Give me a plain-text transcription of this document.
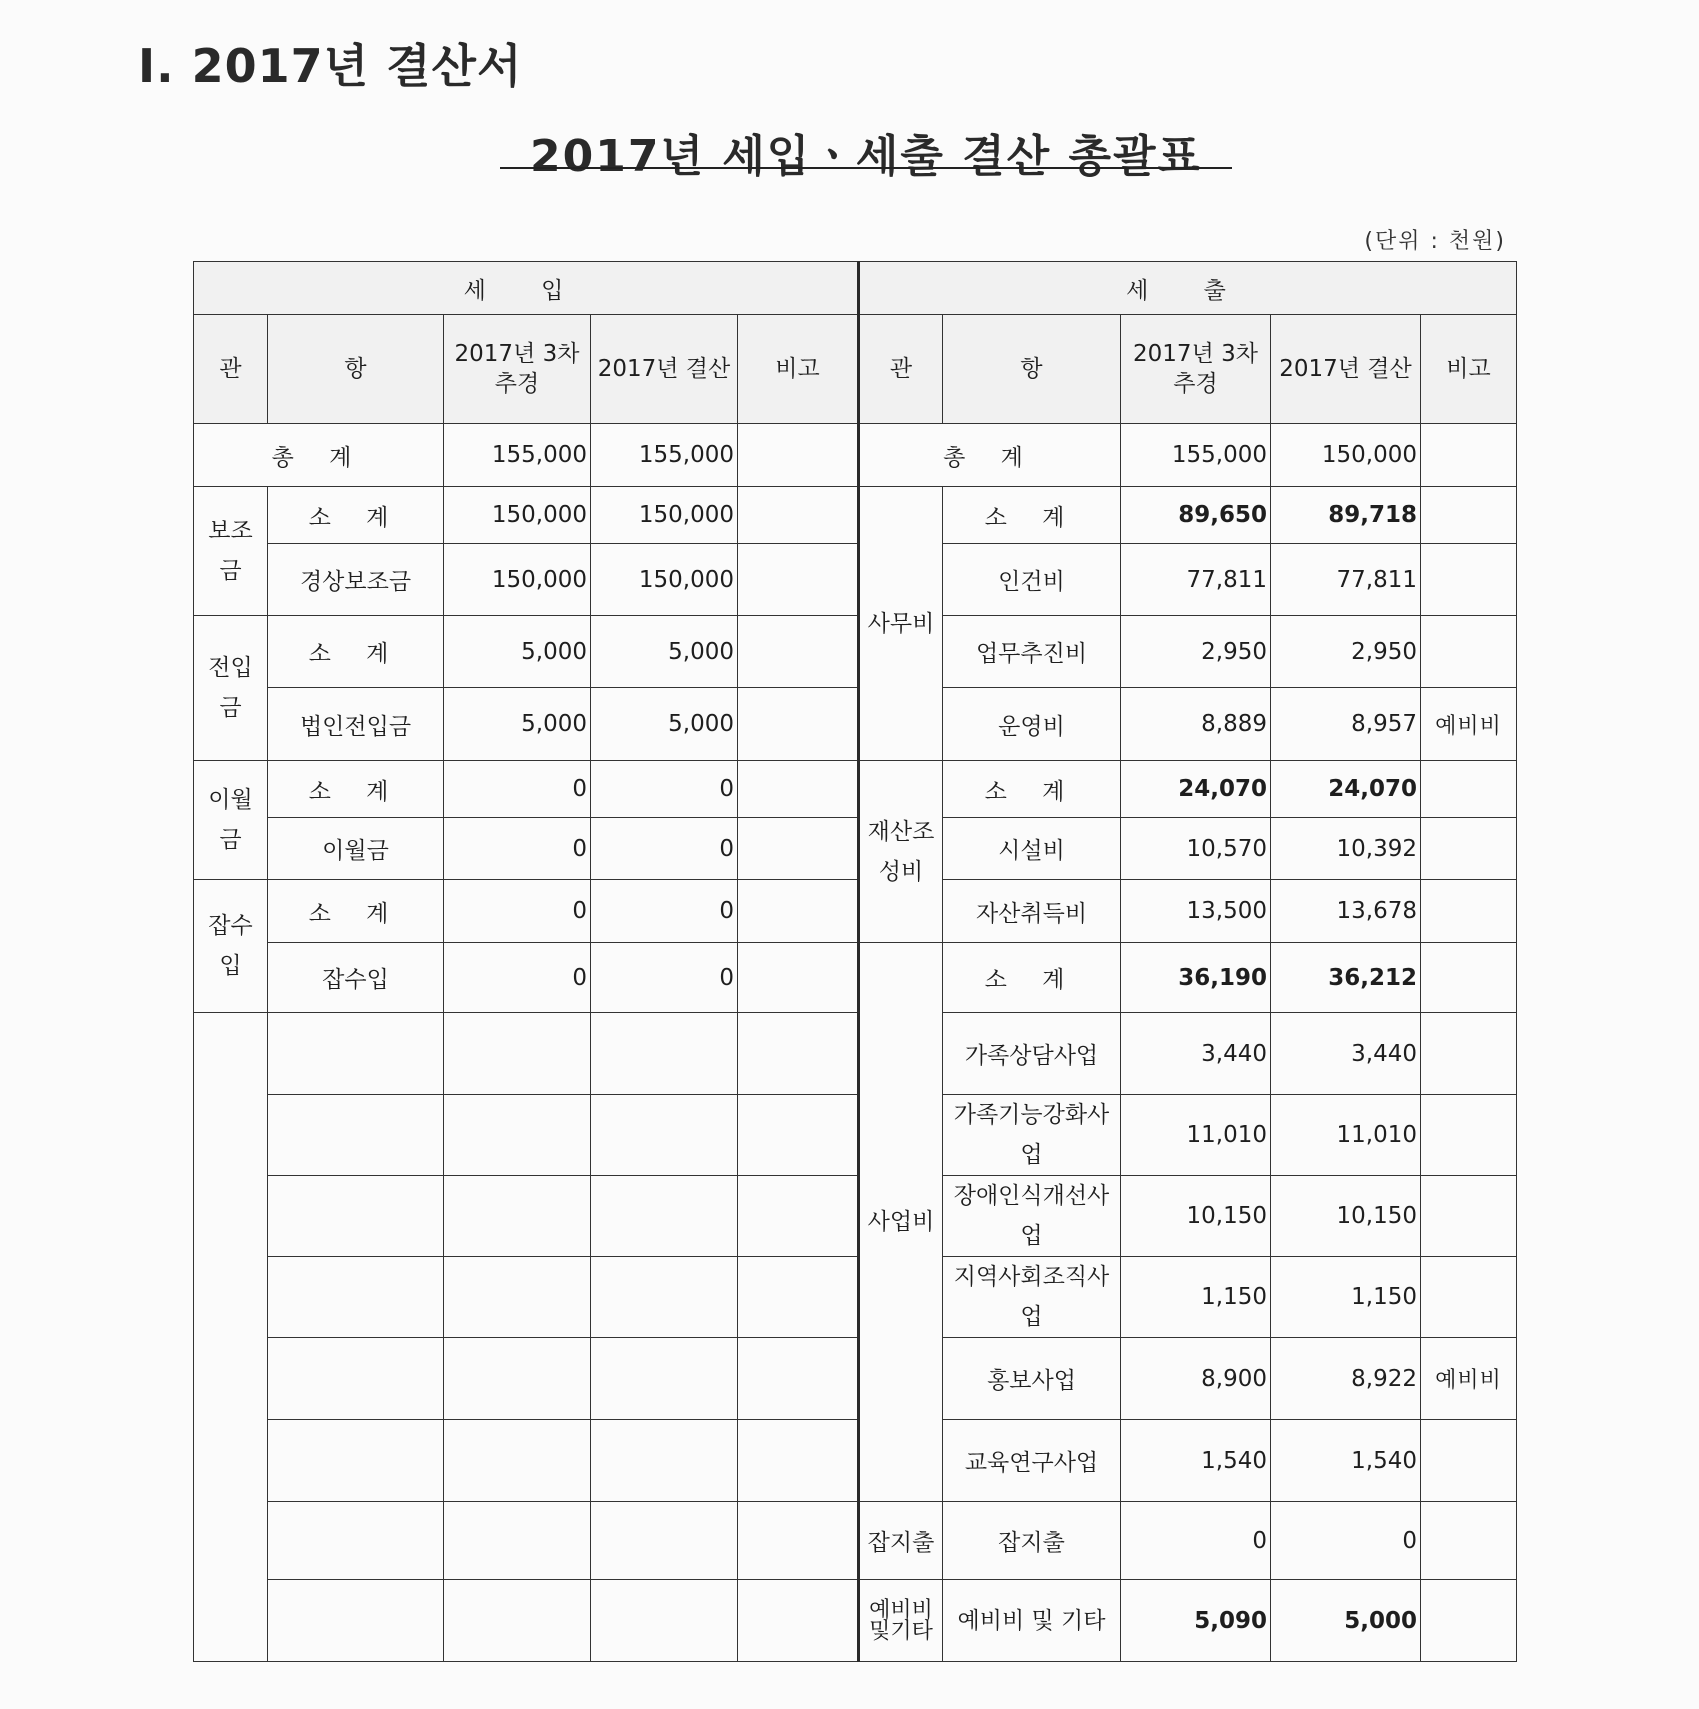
Ⅰ. 2017년 결산서
2017년 세입ㆍ세출 결산 총괄표
(단위 : 천원)
세 입					세 출				
관	항	2017년 3차추경	2017년 결산	비고	관	항	2017년 3차추경	2017년 결산	비고
총 계		155,000	155,000		총 계		155,000	150,000	
보조금	소 계	150,000	150,000		사무비	소 계	89,650	89,718	
	경상보조금	150,000	150,000			인건비	77,811	77,811	
전입금	소 계	5,000	5,000			업무추진비	2,950	2,950	
	법인전입금	5,000	5,000			운영비	8,889	8,957	예비비
이월금	소 계	0	0		재산조성비	소 계	24,070	24,070	
	이월금	0	0			시설비	10,570	10,392	
잡수입	소 계	0	0			자산취득비	13,500	13,678	
	잡수입	0	0		사업비	소 계	36,190	36,212	
						가족상담사업	3,440	3,440	
						가족기능강화사업	11,010	11,010	
						장애인식개선사업	10,150	10,150	
						지역사회조직사업	1,150	1,150	
						홍보사업	8,900	8,922	예비비
						교육연구사업	1,540	1,540	
					잡지출	잡지출	0	0	
					예비비및기타	예비비 및 기타	5,090	5,000	
